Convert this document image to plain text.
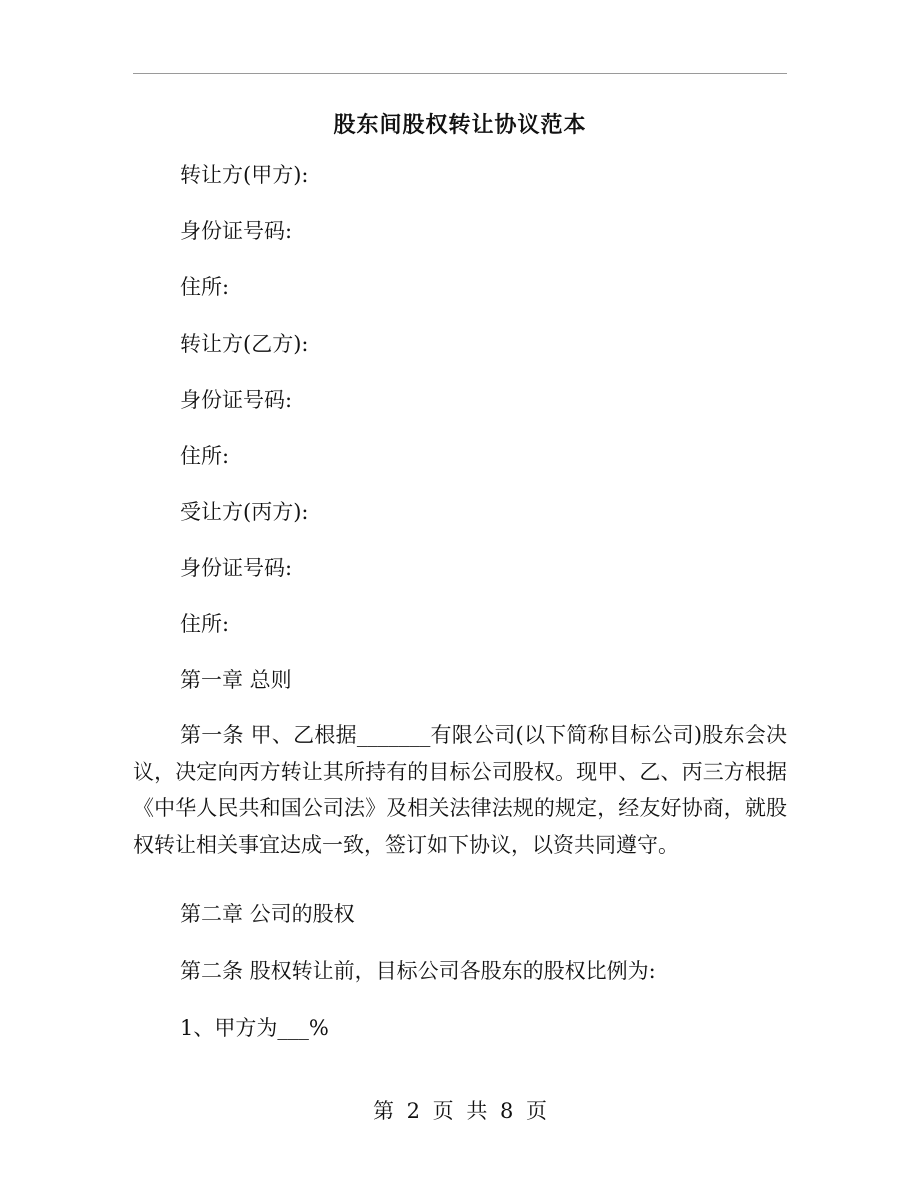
股东间股权转让协议范本
转让方(甲方):
身份证号码:
住所:
转让方(乙方):
身份证号码:
住所:
受让方(丙方):
身份证号码:
住所:
第一章 总则

第一条 甲、乙根据_______有限公司(以下简称目标公司)股东会决议，决定向丙方转让其所持有的目标公司股权。现甲、乙、丙三方根据《中华人民共和国公司法》及相关法律法规的规定，经友好协商，就股权转让相关事宜达成一致，签订如下协议，以资共同遵守。

第二章 公司的股权
第二条 股权转让前，目标公司各股东的股权比例为:
1、甲方为___%
第 2 页 共 8 页
